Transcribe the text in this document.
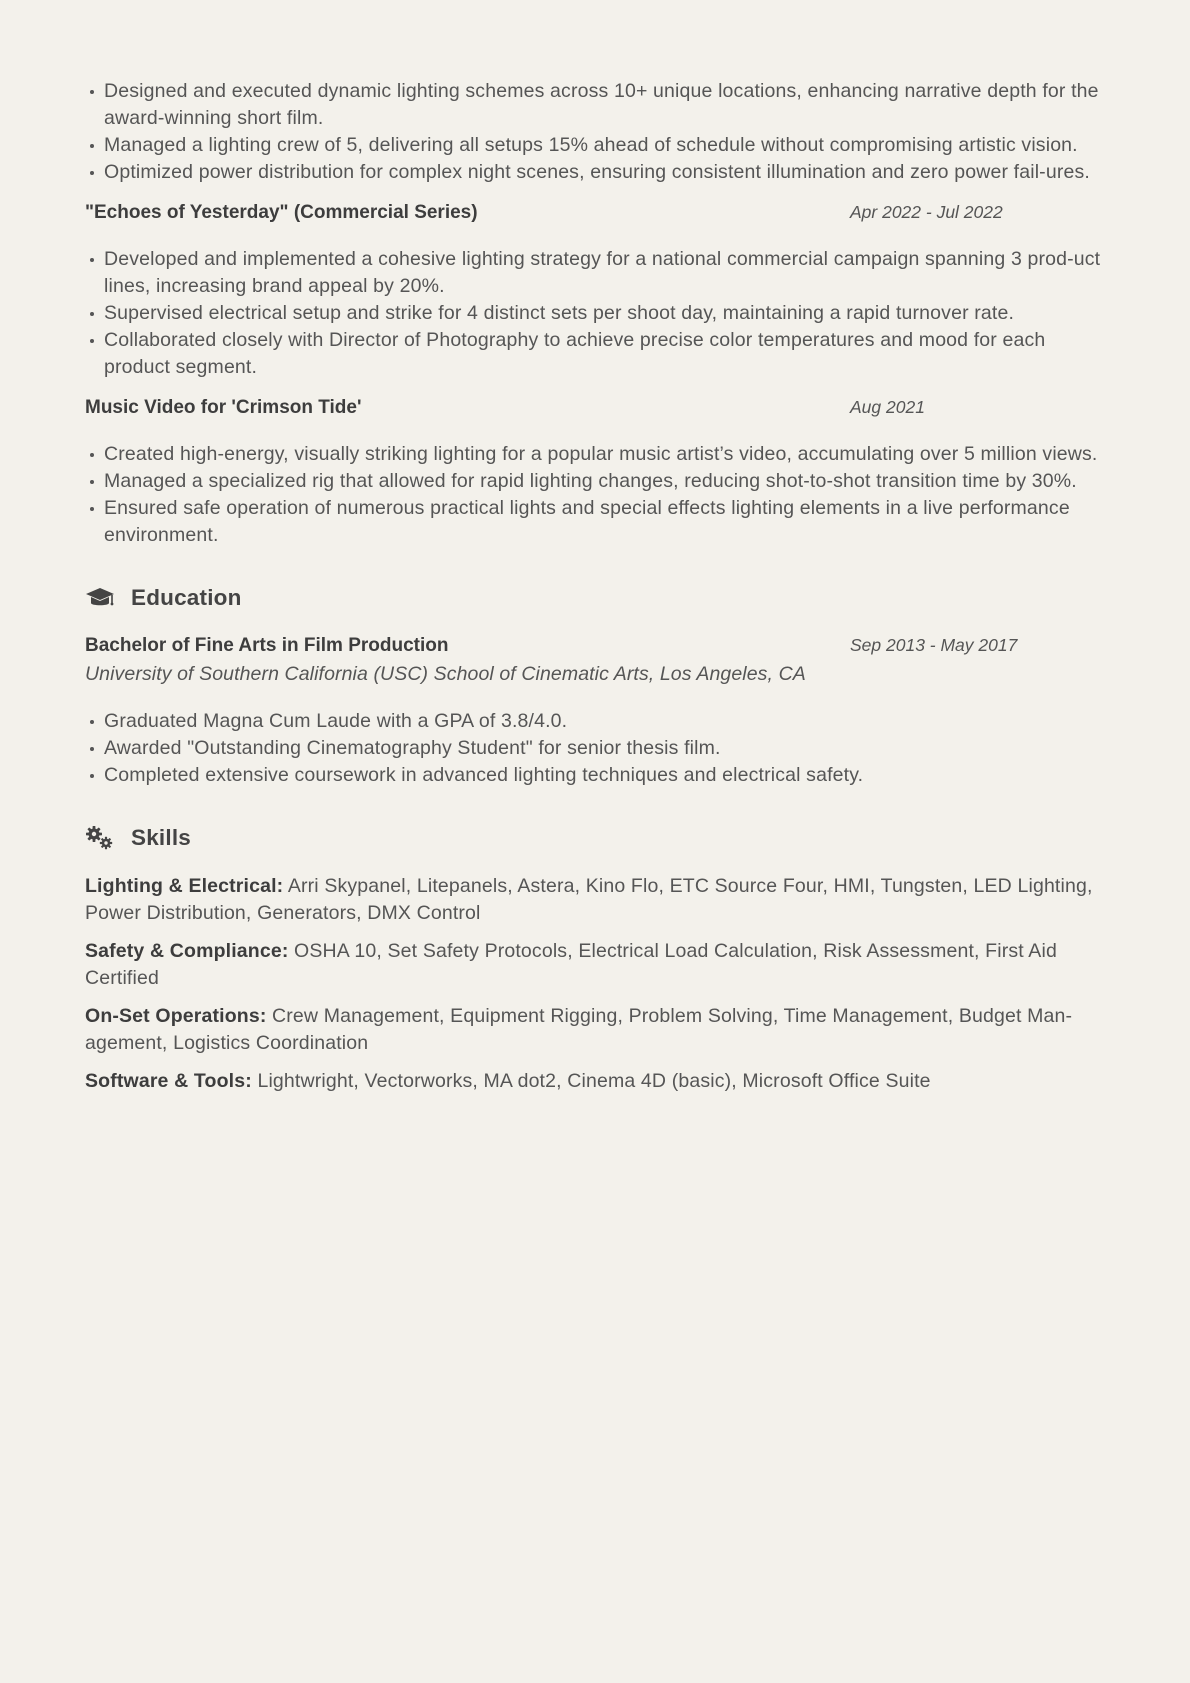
Designed and executed dynamic lighting schemes across 10+ unique locations, enhancing narrative depth for the award-winning short film.
Managed a lighting crew of 5, delivering all setups 15% ahead of schedule without compromising artistic vision.
Optimized power distribution for complex night scenes, ensuring consistent illumination and zero power fail-ures.
"Echoes of Yesterday" (Commercial Series)	Apr 2022 - Jul 2022
Developed and implemented a cohesive lighting strategy for a national commercial campaign spanning 3 prod-uct lines, increasing brand appeal by 20%.
Supervised electrical setup and strike for 4 distinct sets per shoot day, maintaining a rapid turnover rate.
Collaborated closely with Director of Photography to achieve precise color temperatures and mood for each product segment.
Music Video for 'Crimson Tide'	Aug 2021
Created high-energy, visually striking lighting for a popular music artist’s video, accumulating over 5 million views.
Managed a specialized rig that allowed for rapid lighting changes, reducing shot-to-shot transition time by 30%.
Ensured safe operation of numerous practical lights and special effects lighting elements in a live performance environment.
Education
Bachelor of Fine Arts in Film Production	Sep 2013 - May 2017
University of Southern California (USC) School of Cinematic Arts, Los Angeles, CA
Graduated Magna Cum Laude with a GPA of 3.8/4.0.
Awarded "Outstanding Cinematography Student" for senior thesis film.
Completed extensive coursework in advanced lighting techniques and electrical safety.
Skills
Lighting & Electrical: Arri Skypanel, Litepanels, Astera, Kino Flo, ETC Source Four, HMI, Tungsten, LED Lighting, Power Distribution, Generators, DMX Control
Safety & Compliance: OSHA 10, Set Safety Protocols, Electrical Load Calculation, Risk Assessment, First Aid Certified
On-Set Operations: Crew Management, Equipment Rigging, Problem Solving, Time Management, Budget Man-agement, Logistics Coordination
Software & Tools: Lightwright, Vectorworks, MA dot2, Cinema 4D (basic), Microsoft Office Suite
